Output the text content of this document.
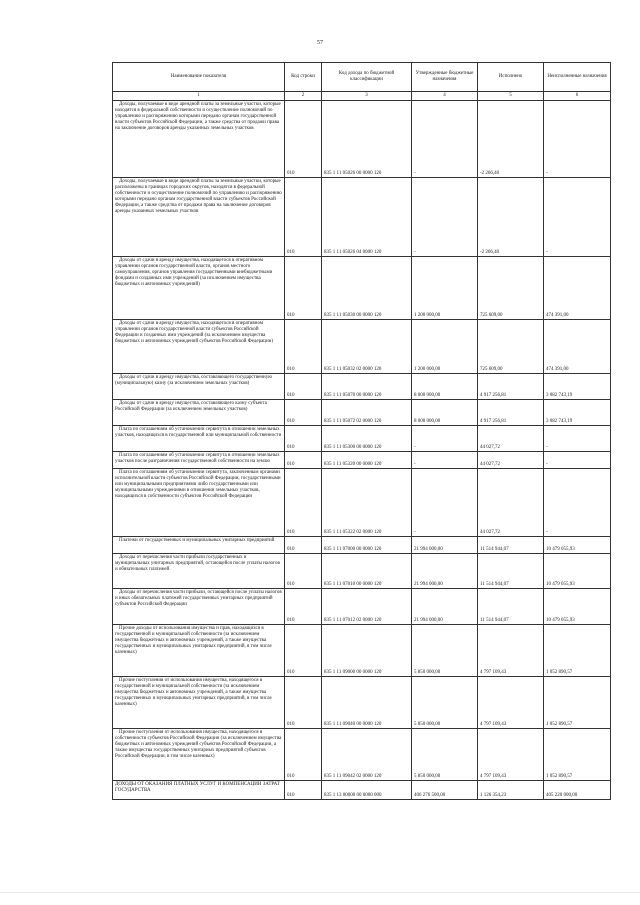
57
Наименование показателя	Код строки	Код дохода по бюджетной классификации	Утвержденные бюджетные назначения	Исполнено	Неисполненные назначения
1	2	3	4	5	6
Доходы, получаемые в виде арендной платы за земельные участки, которые находятся в федеральной собственности и осуществление полномочий по управлению и распоряжению которыми передано органам государственной власти субъектов Российской Федерации, а также средства от продажи права на заключение договоров аренды указанных земельных участков	010	835 1 11 05026 00 0000 120	-	-2 266,40	-
Доходы, получаемые в виде арендной платы за земельные участки, которые расположены в границах городских округов, находятся в федеральной собственности и осуществление полномочий по управлению и распоряжению которыми передано органам государственной власти субъектов Российской Федерации, а также средства от продажи права на заключение договоров аренды указанных земельных участков	010	835 1 11 05026 04 0000 120	-	-2 266,40	-
Доходы от сдачи в аренду имущества, находящегося в оперативном управлении органов государственной власти, органов местного самоуправления, органов управления государственными внебюджетными фондами и созданных ими учреждений (за исключением имущества бюджетных и автономных учреждений)	010	835 1 11 05030 00 0000 120	1 200 000,00	725 609,00	474 391,00
Доходы от сдачи в аренду имущества, находящегося в оперативном управлении органов государственной власти субъектов Российской Федерации и созданных ими учреждений (за исключением имущества бюджетных и автономных учреждений субъектов Российской Федерации)	010	835 1 11 05032 02 0000 120	1 200 000,00	725 609,00	474 391,00
Доходы от сдачи в аренду имущества, составляющего государственную (муниципальную) казну (за исключением земельных участков)	010	835 1 11 05070 00 0000 120	8 000 000,00	4 917 256,81	3 082 743,19
Доходы от сдачи в аренду имущества, составляющего казну субъекта Российской Федерации (за исключением земельных участков)	010	835 1 11 05072 02 0000 120	8 000 000,00	4 917 256,81	3 082 743,19
Плата по соглашениям об установлении сервитута в отношении земельных участков, находящихся в государственной или муниципальной собственности	010	835 1 11 05300 00 0000 120	-	44 027,72	-
Плата по соглашениям об установлении сервитута в отношении земельных участков после разграничения государственной собственности на землю	010	835 1 11 05320 00 0000 120	-	44 027,72	-
Плата по соглашениям об установлении сервитута, заключенным органами исполнительной власти субъектов Российской Федерации, государственными или муниципальными предприятиями либо государственными или муниципальными учреждениями в отношении земельных участков, находящихся в собственности субъектов Российской Федерации	010	835 1 11 05322 02 0000 120	-	44 027,72	-
Платежи от государственных и муниципальных унитарных предприятий	010	835 1 11 07000 00 0000 120	21 994 000,00	11 514 944,07	10 479 055,93
Доходы от перечисления части прибыли государственных и муниципальных унитарных предприятий, остающейся после уплаты налогов и обязательных платежей	010	835 1 11 07010 00 0000 120	21 994 000,00	11 514 944,07	10 479 055,93
Доходы от перечисления части прибыли, остающейся после уплаты налогов и иных обязательных платежей государственных унитарных предприятий субъектов Российской Федерации	010	835 1 11 07012 02 0000 120	21 994 000,00	11 514 944,07	10 479 055,93
Прочие доходы от использования имущества и прав, находящихся в государственной и муниципальной собственности (за исключением имущества бюджетных и автономных учреждений, а также имущества государственных и муниципальных унитарных предприятий, в том числе казенных)	010	835 1 11 09000 00 0000 120	5 850 000,00	4 797 109,43	1 052 890,57
Прочие поступления от использования имущества, находящегося в государственной и муниципальной собственности (за исключением имущества бюджетных и автономных учреждений, а также имущества государственных и муниципальных унитарных предприятий, в том числе казенных)	010	835 1 11 09040 00 0000 120	5 850 000,00	4 797 109,43	1 052 890,57
Прочие поступления от использования имущества, находящегося в собственности субъектов Российской Федерации (за исключением имущества бюджетных и автономных учреждений субъектов Российской Федерации, а также имущества государственных унитарных предприятий субъектов Российской Федерации, в том числе казенных)	010	835 1 11 09042 02 0000 120	5 850 000,00	4 797 109,43	1 052 890,57
ДОХОДЫ ОТ ОКАЗАНИЯ ПЛАТНЫХ УСЛУГ И КОМПЕНСАЦИИ ЗАТРАТ ГОСУДАРСТВА	010	835 1 13 00000 00 0000 000	406 276 500,00	1 126 354,23	405 220 000,00
